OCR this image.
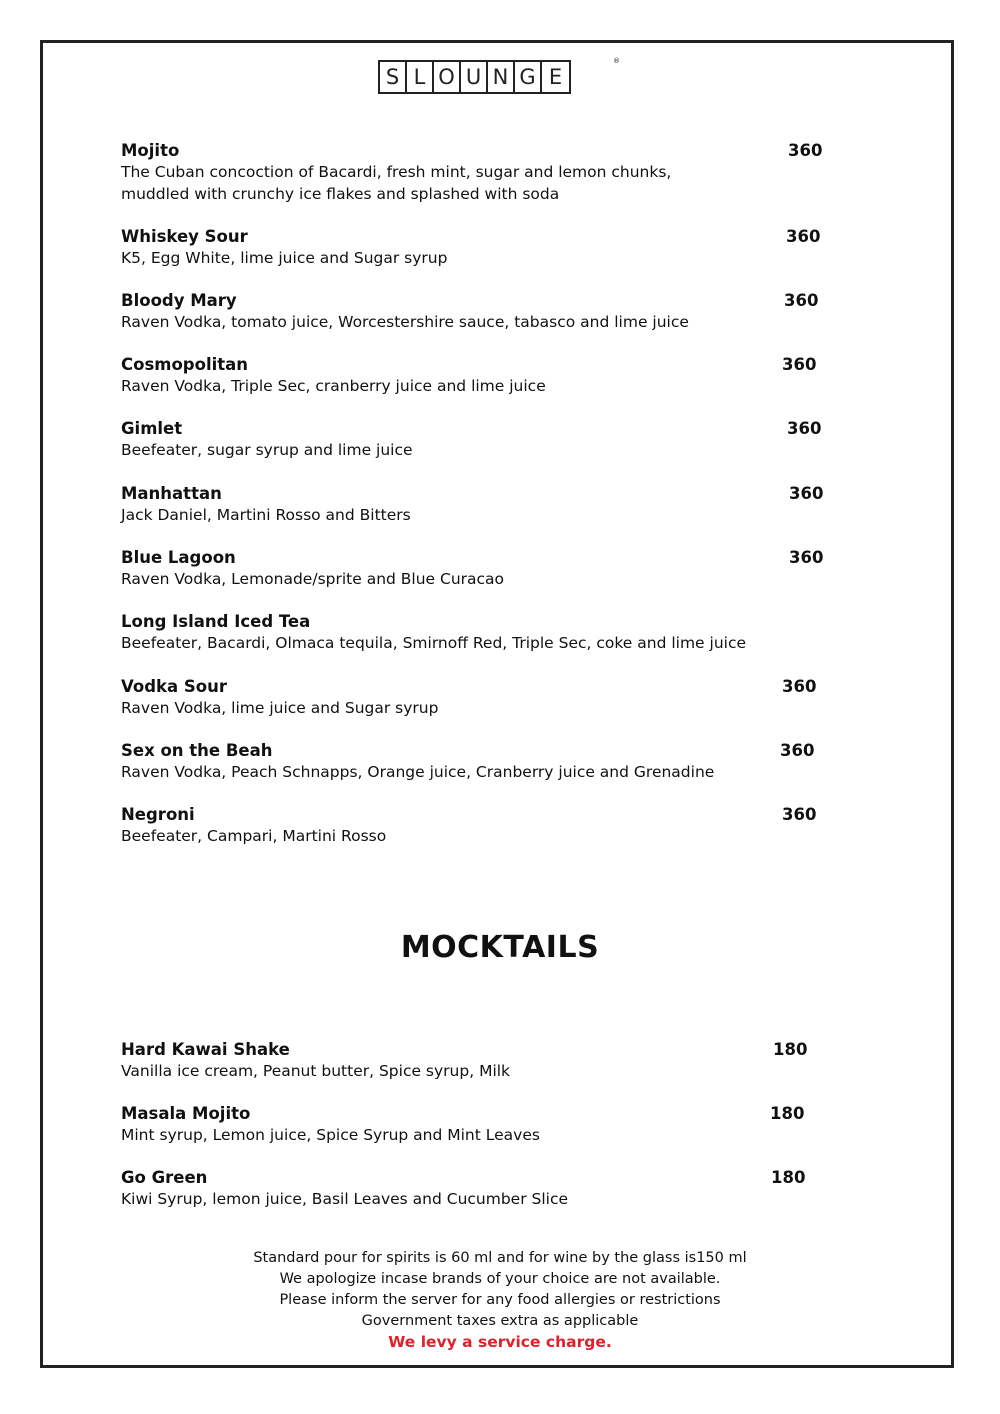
S L O U N G E
®
Mojito
The Cuban concoction of Bacardi, fresh mint, sugar and lemon chunks,
muddled with crunchy ice flakes and splashed with soda
360
Whiskey Sour
K5, Egg White, lime juice and Sugar syrup
360
Bloody Mary
Raven Vodka, tomato juice, Worcestershire sauce, tabasco and lime juice
360
Cosmopolitan
Raven Vodka, Triple Sec, cranberry juice and lime juice
360
Gimlet
Beefeater, sugar syrup and lime juice
360
Manhattan
Jack Daniel, Martini Rosso and Bitters
360
Blue Lagoon
Raven Vodka, Lemonade/sprite and Blue Curacao
360
Long Island Iced Tea
Beefeater, Bacardi, Olmaca tequila, Smirnoff Red, Triple Sec, coke and lime juice
Vodka Sour
Raven Vodka, lime juice and Sugar syrup
360
Sex on the Beah
Raven Vodka, Peach Schnapps, Orange juice, Cranberry juice and Grenadine
360
Negroni
Beefeater, Campari, Martini Rosso
360
MOCKTAILS
Hard Kawai Shake
Vanilla ice cream, Peanut butter, Spice syrup, Milk
180
Masala Mojito
Mint syrup, Lemon juice, Spice Syrup and Mint Leaves
180
Go Green
Kiwi Syrup, lemon juice, Basil Leaves and Cucumber Slice
180
Standard pour for spirits is 60 ml and for wine by the glass is150 ml
We apologize incase brands of your choice are not available.
Please inform the server for any food allergies or restrictions
Government taxes extra as applicable
We levy a service charge.
